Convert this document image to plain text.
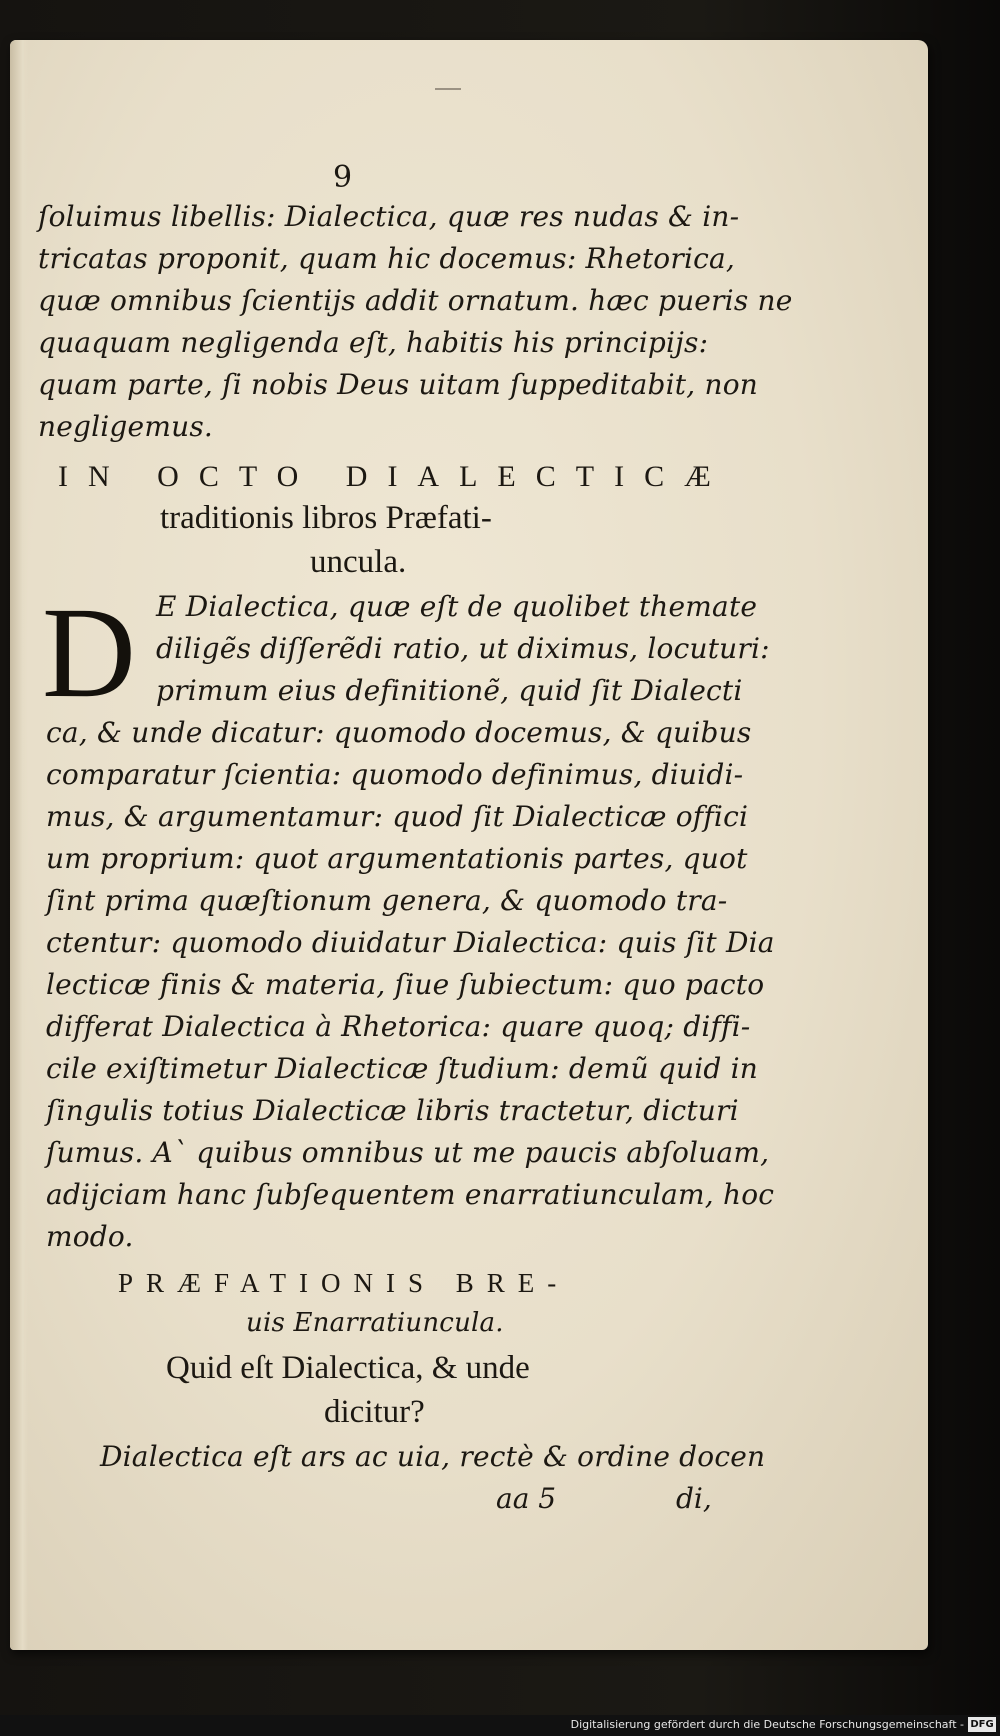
9
ſoluimus libellis: Dialectica, quæ res nudas & in-
tricatas proponit, quam hic docemus: Rhetorica,
quæ omnibus ſcientijs addit ornatum. hæc pueris ne
quaquam negligenda eſt, habitis his principijs:
quam parte, ſi nobis Deus uitam ſuppeditabit, non
negligemus.
IN OCTO DIALECTICÆ
traditionis libros Præfati-
uncula.
D E Dialectica, quæ eſt de quolibet themate
diligẽs diſſerẽdi ratio, ut diximus, locuturi:
primum eius definitionẽ, quid ſit Dialecti
ca, & unde dicatur: quomodo docemus, & quibus
comparatur ſcientia: quomodo definimus, diuidi-
mus, & argumentamur: quod ſit Dialecticæ offici
um proprium: quot argumentationis partes, quot
ſint prima quæſtionum genera, & quomodo tra-
ctentur: quomodo diuidatur Dialectica: quis ſit Dia
lecticæ finis & materia, ſiue ſubiectum: quo pacto
differat Dialectica à Rhetorica: quare quoq; diffi-
cile exiſtimetur Dialecticæ ſtudium: demũ quid in
ſingulis totius Dialecticæ libris tractetur, dicturi
ſumus. A` quibus omnibus ut me paucis abſoluam,
adijciam hanc ſubſequentem enarratiunculam, hoc
modo.
PRÆFATIONIS BRE-
uis Enarratiuncula.
Quid eſt Dialectica, & unde
dicitur?
Dialectica eſt ars ac uia, rectè & ordine docen
aa 5	di,
Digitalisierung gefördert durch die Deutsche Forschungsgemeinschaft - DFG
